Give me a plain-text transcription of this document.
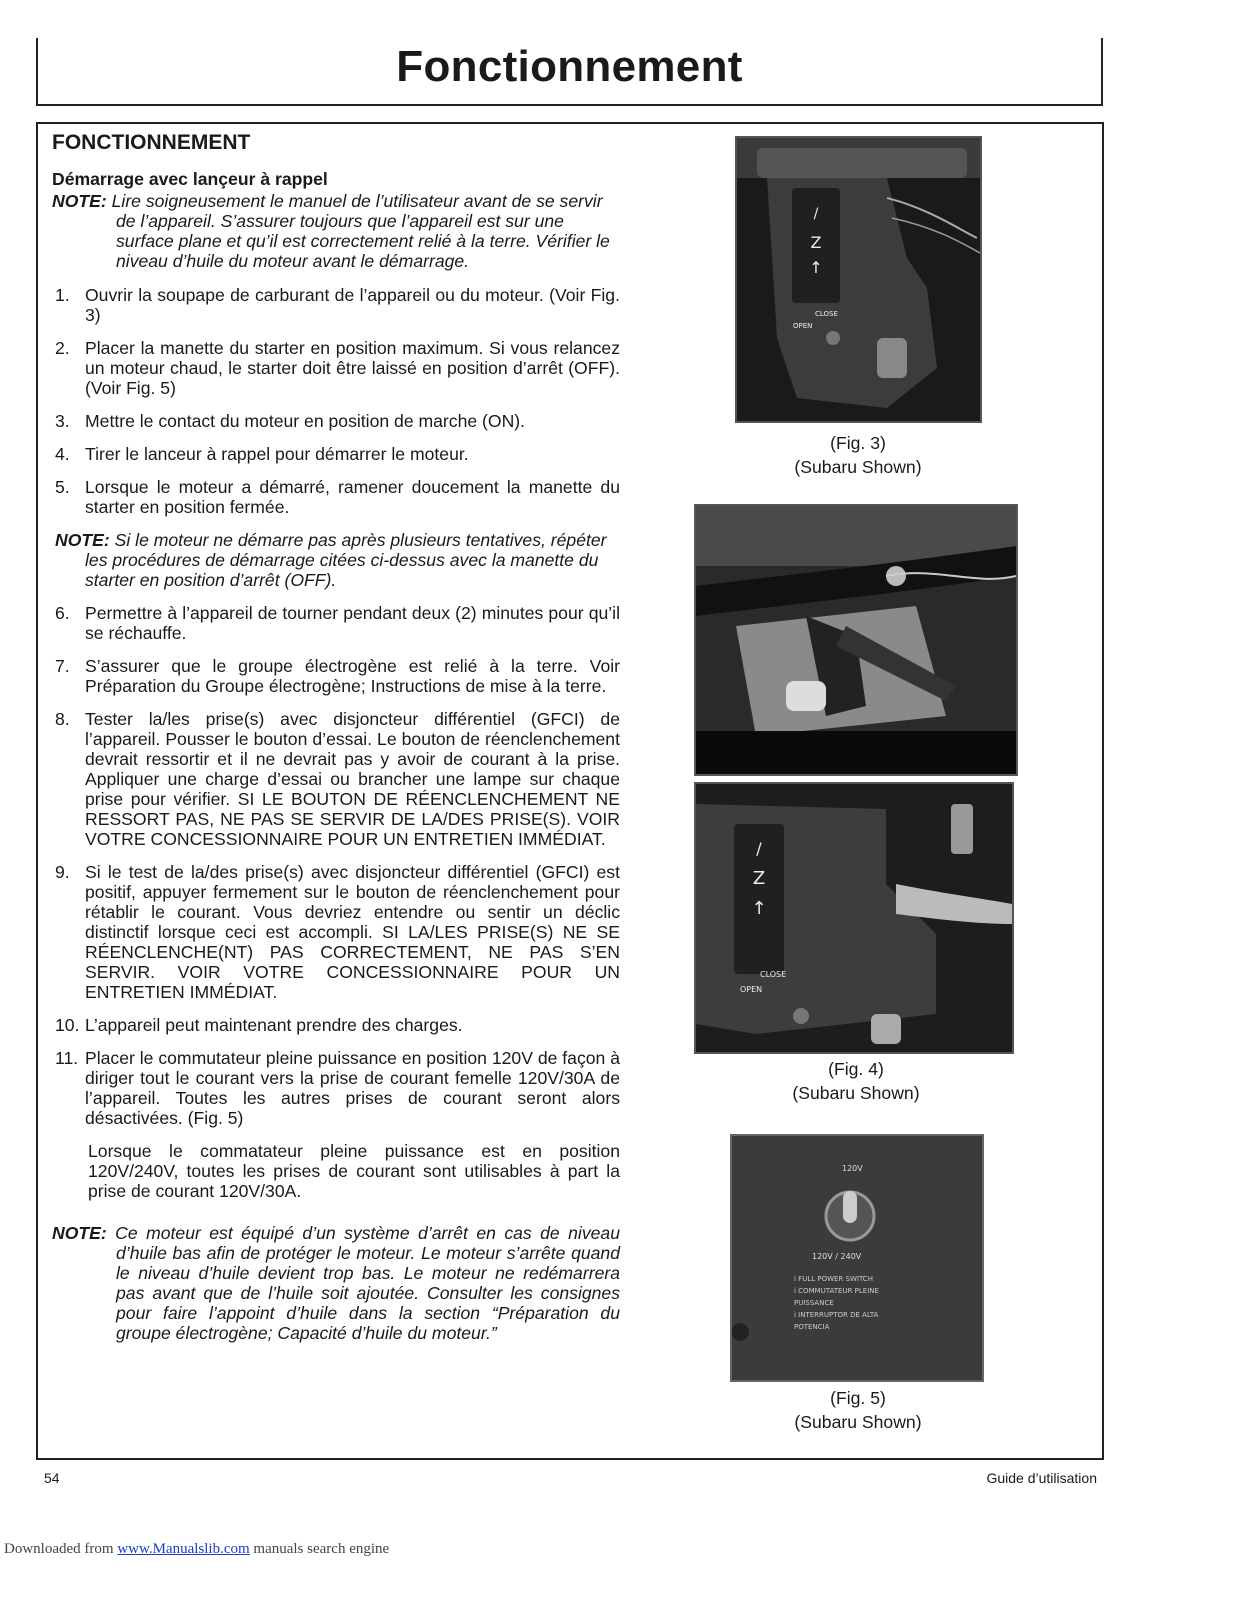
Fonctionnement
FONCTIONNEMENT
Démarrage avec lançeur à rappel

NOTE: Lire soigneusement le manuel de l’utilisateur avant de se servir de l’appareil. S’assurer toujours que l’appareil est sur une surface plane et qu’il est correctement relié à la terre. Vérifier le niveau d’huile du moteur avant le démarrage.

1. Ouvrir la soupape de carburant de l’appareil ou du moteur. (Voir Fig. 3)
2. Placer la manette du starter en position maximum. Si vous relancez un moteur chaud, le starter doit être laissé en position d’arrêt (OFF). (Voir Fig. 5)
3. Mettre le contact du moteur en position de marche (ON).
4. Tirer le lanceur à rappel pour démarrer le moteur.
5. Lorsque le moteur a démarré, ramener doucement la manette du starter en position fermée.

NOTE: Si le moteur ne démarre pas après plusieurs tentatives, répéter les procédures de démarrage citées ci-dessus avec la manette du starter en position d’arrêt (OFF).

6. Permettre à l’appareil de tourner pendant deux (2) minutes pour qu’il se réchauffe.
7. S’assurer que le groupe électrogène est relié à la terre. Voir Préparation du Groupe électrogène; Instructions de mise à la terre.
8. Tester la/les prise(s) avec disjoncteur différentiel (GFCI) de l’appareil. Pousser le bouton d’essai. Le bouton de réenclenchement devrait ressortir et il ne devrait pas y avoir de courant à la prise. Appliquer une charge d’essai ou brancher une lampe sur chaque prise pour vérifier. SI LE BOUTON DE RÉENCLENCHEMENT NE RESSORT PAS, NE PAS SE SERVIR DE LA/DES PRISE(S). VOIR VOTRE CONCESSIONNAIRE POUR UN ENTRETIEN IMMÉDIAT.
9. Si le test de la/des prise(s) avec disjoncteur différentiel (GFCI) est positif, appuyer fermement sur le bouton de réenclenchement pour rétablir le courant. Vous devriez entendre ou sentir un déclic distinctif lorsque ceci est accompli. SI LA/LES PRISE(S) NE SE RÉENCLENCHE(NT) PAS CORRECTEMENT, NE PAS S’EN SERVIR. VOIR VOTRE CONCESSIONNAIRE POUR UN ENTRETIEN IMMÉDIAT.
10. L’appareil peut maintenant prendre des charges.
11. Placer le commutateur pleine puissance en position 120V de façon à diriger tout le courant vers la prise de courant femelle 120V/30A de l’appareil. Toutes les autres prises de courant seront alors désactivées. (Fig. 5)

Lorsque le commatateur pleine puissance est en position 120V/240V, toutes les prises de courant sont utilisables à part la prise de courant 120V/30A.

NOTE: Ce moteur est équipé d’un système d’arrêt en cas de niveau d’huile bas afin de protéger le moteur. Le moteur s’arrête quand le niveau d’huile devient trop bas. Le moteur ne redémarrera pas avant que de l’huile soit ajoutée. Consulter les consignes pour faire l’appoint d’huile dans la section “Préparation du groupe électrogène; Capacité d’huile du moteur.”

/
Z
↑
CLOSE
OPEN
(Fig. 3)
(Subaru Shown)
/
Z
↑
CLOSE
OPEN
(Fig. 4)
(Subaru Shown)
120V
120V / 240V
i FULL POWER SWITCH
i COMMUTATEUR PLEINE
PUISSANCE
i INTERRUPTOR DE ALTA
POTENCIA
(Fig. 5)
(Subaru Shown)
54	Guide d’utilisation
Downloaded from www.Manualslib.com manuals search engine
